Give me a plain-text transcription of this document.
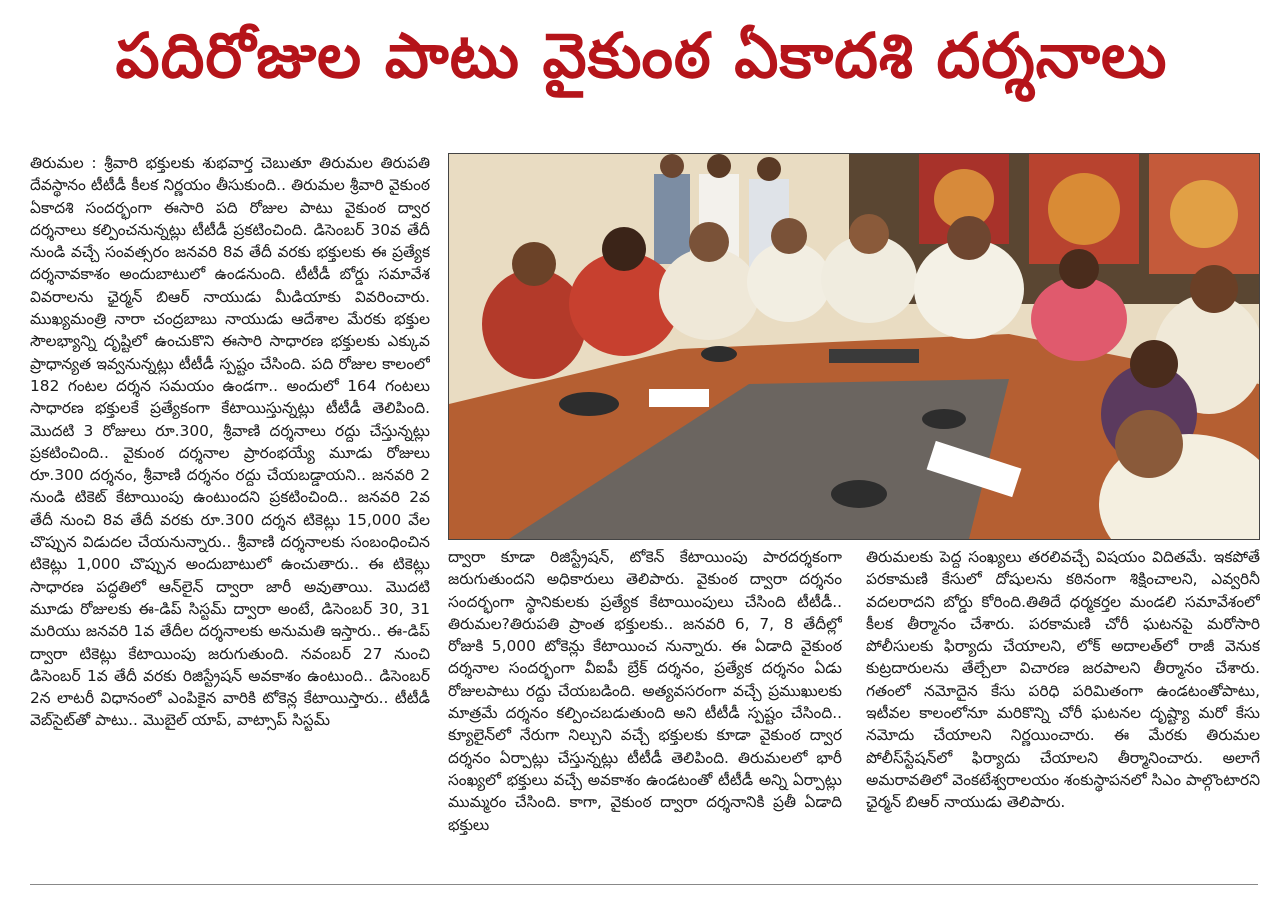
పదిరోజుల పాటు వైకుంఠ ఏకాదశి దర్శనాలు

తిరుమల : శ్రీవారి భక్తులకు శుభవార్త చెబుతూ తిరుమల తిరుపతి దేవస్థానం టీటీడీ కీలక నిర్ణయం తీసుకుంది.. తిరుమల శ్రీవారి వైకుంఠ ఏకాదశి సందర్భంగా ఈసారి పది రోజుల పాటు వైకుంఠ ద్వార దర్శనాలు కల్పించనున్నట్లు టీటీడీ ప్రకటించింది. డిసెంబర్ 30వ తేదీ నుండి వచ్చే సంవత్సరం జనవరి 8వ తేదీ వరకు భక్తులకు ఈ ప్రత్యేక దర్శనావకాశం అందుబాటులో ఉండనుంది. టీటీడీ బోర్డు సమావేశ వివరాలను ఛైర్మన్ బిఆర్ నాయుడు మీడియాకు వివరించారు. ముఖ్యమంత్రి నారా చంద్రబాబు నాయుడు ఆదేశాల మేరకు భక్తుల సౌలభ్యాన్ని దృష్టిలో ఉంచుకొని ఈసారి సాధారణ భక్తులకు ఎక్కువ ప్రాధాన్యత ఇవ్వనున్నట్లు టీటీడీ స్పష్టం చేసింది. పది రోజుల కాలంలో 182 గంటల దర్శన సమయం ఉండగా.. అందులో 164 గంటలు సాధారణ భక్తులకే ప్రత్యేకంగా కేటాయిస్తున్నట్లు టీటీడీ తెలిపింది. మొదటి 3 రోజులు రూ.300, శ్రీవాణి దర్శనాలు రద్దు చేస్తున్నట్లు ప్రకటించింది.. వైకుంఠ దర్శనాల ప్రారంభయ్యే మూడు రోజులు రూ.300 దర్శనం, శ్రీవాణి దర్శనం రద్దు చేయబడ్డాయని.. జనవరి 2 నుండి టికెట్ కేటాయింపు ఉంటుందని ప్రకటించింది.. జనవరి 2వ తేదీ నుంచి 8వ తేదీ వరకు రూ.300 దర్శన టికెట్లు 15,000 వేల చొప్పున విడుదల చేయనున్నారు.. శ్రీవాణి దర్శనాలకు సంబంధించిన టికెట్లు 1,000 చొప్పున అందుబాటులో ఉంచుతారు.. ఈ టికెట్లు సాధారణ పద్ధతిలో ఆన్‌లైన్ ద్వారా జారీ అవుతాయి. మొదటి మూడు రోజులకు ఈ-డిప్ సిస్టమ్ ద్వారా అంటే, డిసెంబర్ 30, 31 మరియు జనవరి 1వ తేదీల దర్శనాలకు అనుమతి ఇస్తారు.. ఈ-డిప్ ద్వారా టికెట్లు కేటాయింపు జరుగుతుంది. నవంబర్ 27 నుంచి డిసెంబర్ 1వ తేదీ వరకు రిజిస్ట్రేషన్ అవకాశం ఉంటుంది.. డిసెంబర్ 2న లాటరీ విధానంలో ఎంపికైన వారికి టోకెన్ల కేటాయిస్తారు.. టీటీడీ వెబ్‌సైట్‌తో పాటు.. మొబైల్ యాప్, వాట్సాప్ సిస్టమ్

ద్వారా కూడా రిజిస్ట్రేషన్, టోకెన్ కేటాయింపు పారదర్శకంగా జరుగుతుందని అధికారులు తెలిపారు. వైకుంఠ ద్వారా దర్శనం సందర్భంగా స్థానికులకు ప్రత్యేక కేటాయింపులు చేసింది టీటీడీ.. తిరుమల?తిరుపతి ప్రాంత భక్తులకు.. జనవరి 6, 7, 8 తేదీల్లో రోజుకి 5,000 టోకెన్లు కేటాయించ నున్నారు. ఈ ఏడాది వైకుంఠ దర్శనాల సందర్భంగా వీఐపీ బ్రేక్ దర్శనం, ప్రత్యేక దర్శనం ఏడు రోజులపాటు రద్దు చేయబడింది. అత్యవసరంగా వచ్చే ప్రముఖులకు మాత్రమే దర్శనం కల్పించబడుతుంది అని టీటీడీ స్పష్టం చేసింది.. క్యూలైన్‌లో నేరుగా నిల్చుని వచ్చే భక్తులకు కూడా వైకుంఠ ద్వార దర్శనం ఏర్పాట్లు చేస్తున్నట్లు టీటీడీ తెలిపింది. తిరుమలలో భారీ సంఖ్యలో భక్తులు వచ్చే అవకాశం ఉండటంతో టీటీడీ అన్ని ఏర్పాట్లు ముమ్మరం చేసింది. కాగా, వైకుంఠ ద్వారా దర్శనానికి ప్రతీ ఏడాది భక్తులు

తిరుమలకు పెద్ద సంఖ్యలు తరలివచ్చే విషయం విదితమే. ఇకపోతే పరకామణి కేసులో దోషులను కఠినంగా శిక్షించాలని, ఎవ్వరినీ వదలరాదని బోర్డు కోరింది.తితిదే ధర్మకర్తల మండలి సమావేశంలో కీలక తీర్మానం చేశారు. పరకామణి చోరీ ఘటనపై మరోసారి పోలీసులకు ఫిర్యాదు చేయాలని, లోక్ అదాలత్‌లో రాజీ వెనుక కుట్రదారులను తేల్చేలా విచారణ జరపాలని తీర్మానం చేశారు. గతంలో నమోదైన కేసు పరిధి పరిమితంగా ఉండటంతోపాటు, ఇటీవల కాలంలోనూ మరికొన్ని చోరీ ఘటనల దృష్ట్యా మరో కేసు నమోదు చేయాలని నిర్ణయించారు. ఈ మేరకు తిరుమల పోలీస్‌స్టేషన్‌లో ఫిర్యాదు చేయాలని తీర్మానించారు. అలాగే అమరావతిలో వెంకటేశ్వరాలయం శంకుస్థాపనలో సిఎం పాల్గొంటారని ఛైర్మన్ బిఆర్ నాయుడు తెలిపారు.
